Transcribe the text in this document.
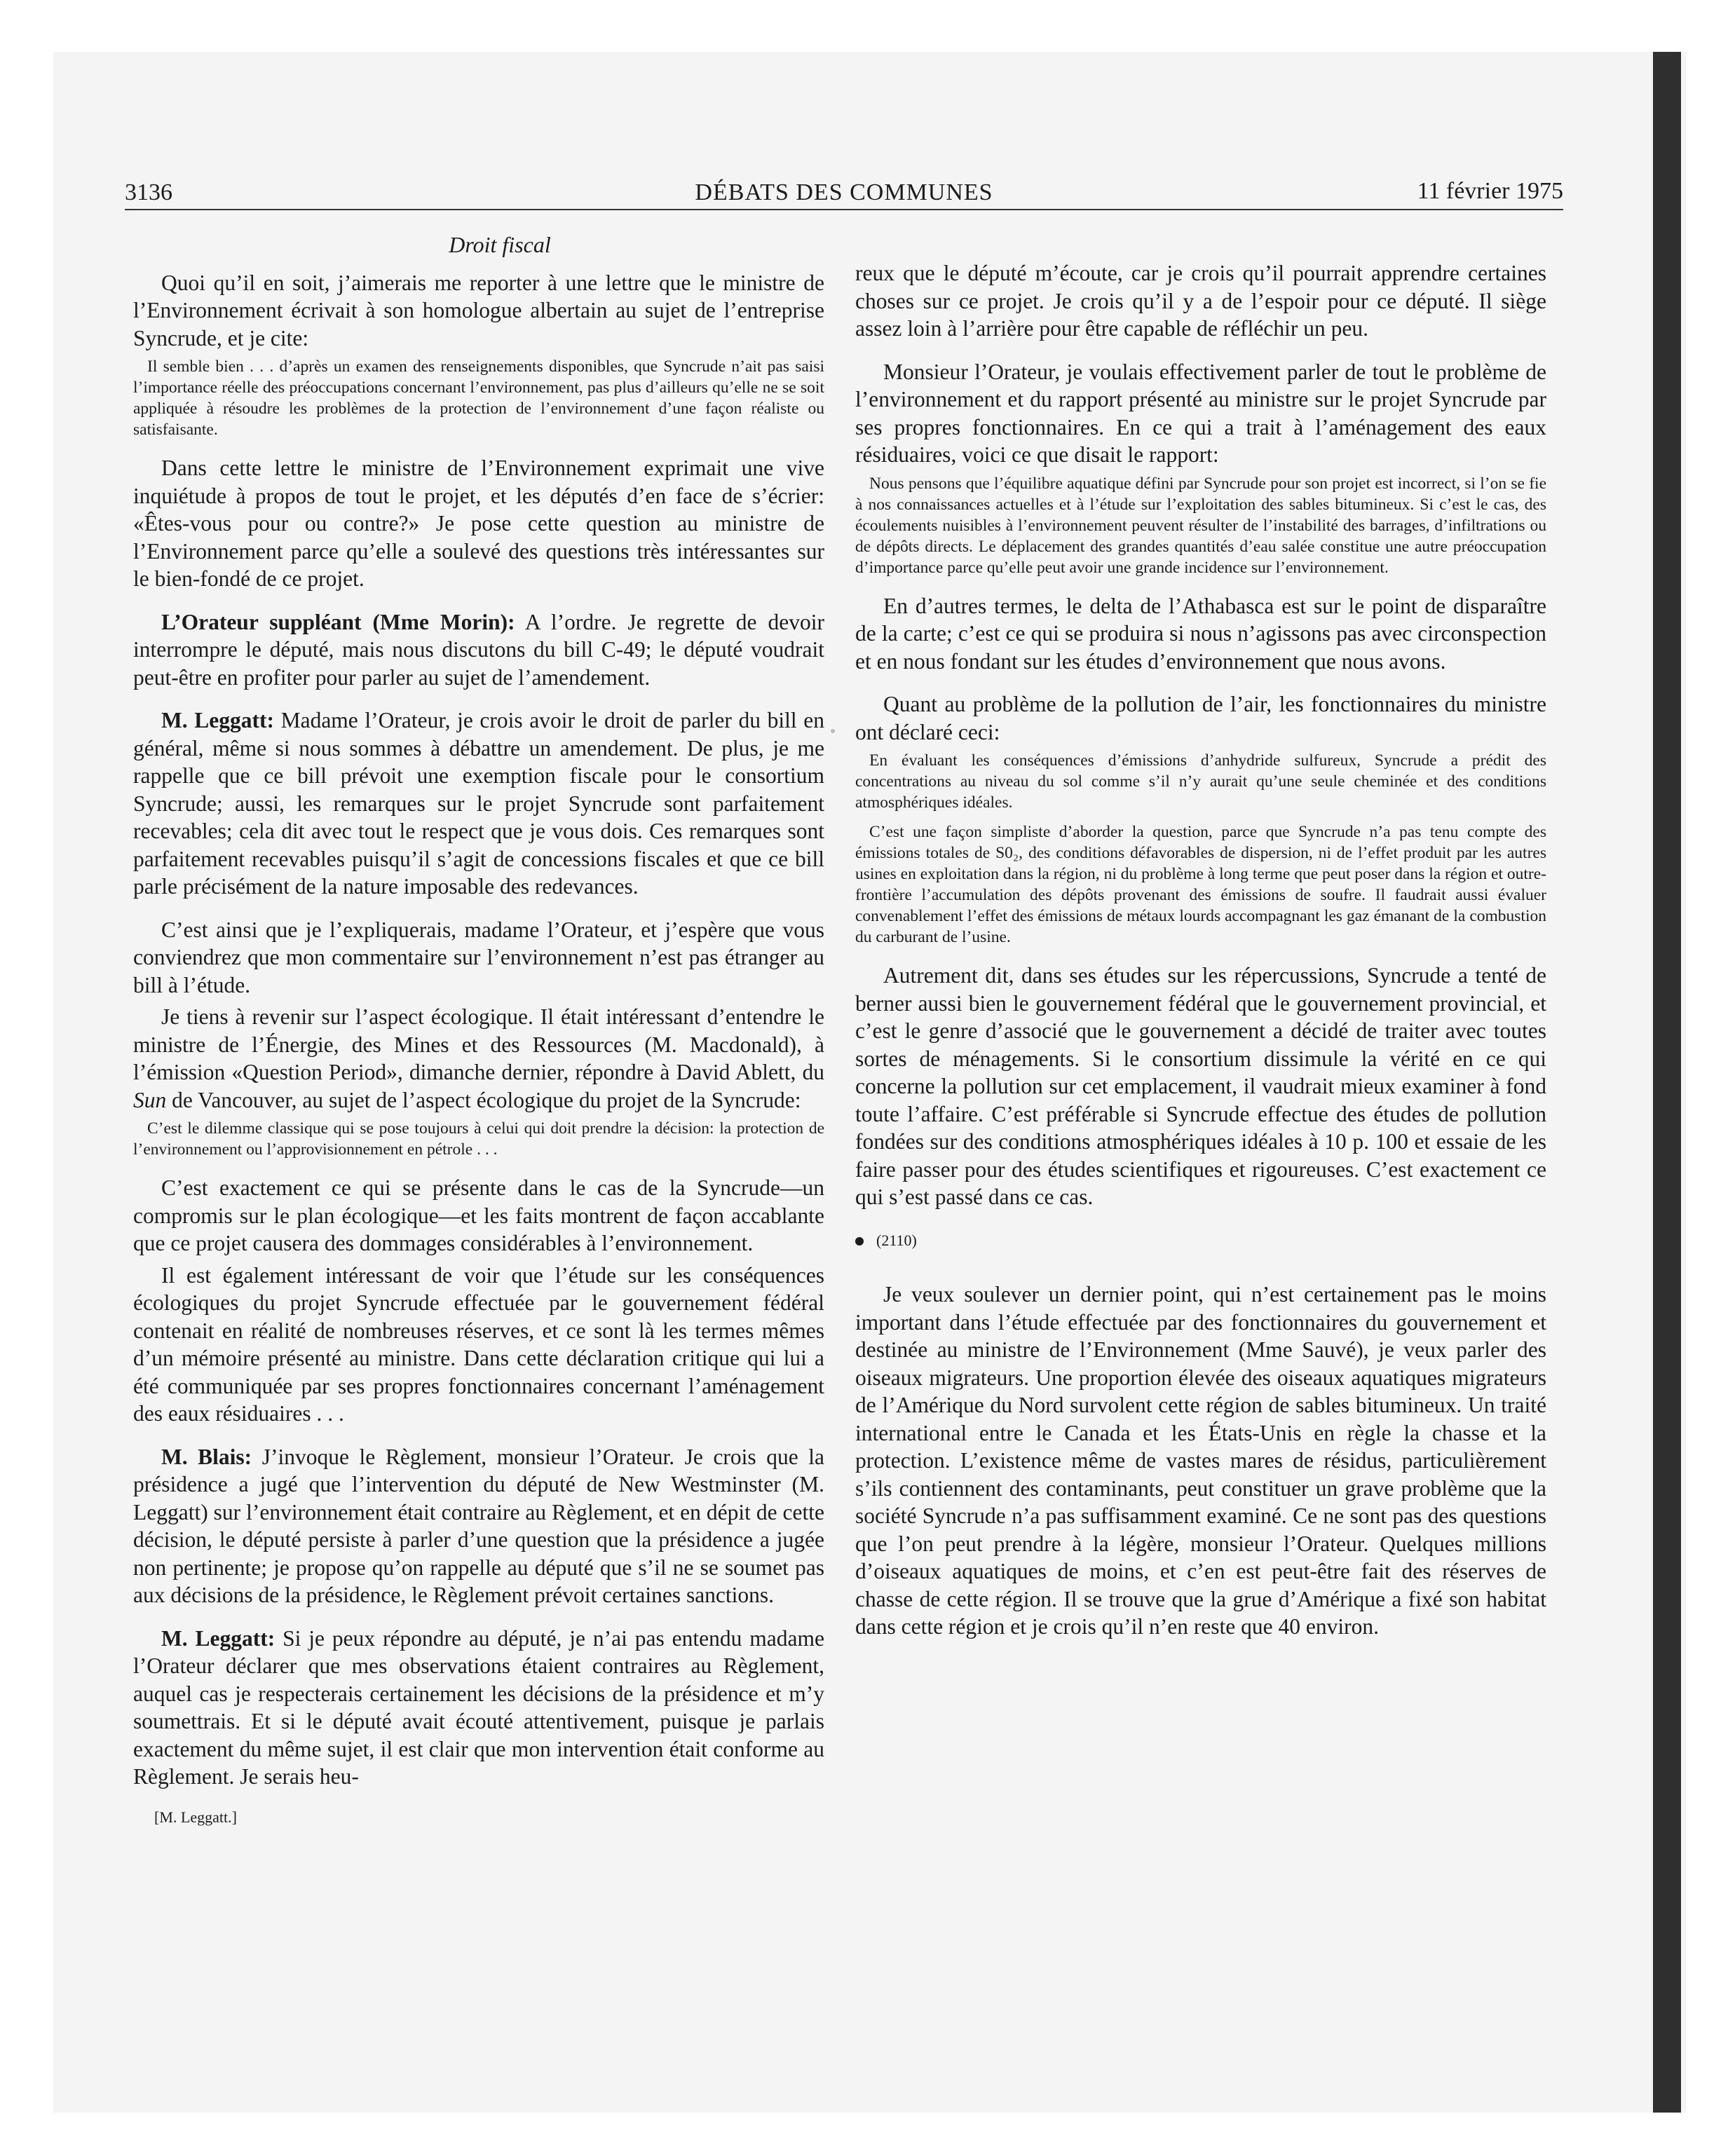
3136	DÉBATS DES COMMUNES	11 février 1975
Droit fiscal

Quoi qu’il en soit, j’aimerais me reporter à une lettre que le ministre de l’Environnement écrivait à son homologue albertain au sujet de l’entreprise Syncrude, et je cite:

Il semble bien . . . d’après un examen des renseignements disponibles, que Syncrude n’ait pas saisi l’importance réelle des préoccupations concernant l’environnement, pas plus d’ailleurs qu’elle ne se soit appliquée à résoudre les problèmes de la protection de l’environnement d’une façon réaliste ou satisfaisante.

Dans cette lettre le ministre de l’Environnement exprimait une vive inquiétude à propos de tout le projet, et les députés d’en face de s’écrier: «Êtes-vous pour ou contre?» Je pose cette question au ministre de l’Environnement parce qu’elle a soulevé des questions très intéressantes sur le bien-fondé de ce projet.

L’Orateur suppléant (Mme Morin): A l’ordre. Je regrette de devoir interrompre le député, mais nous discutons du bill C-49; le député voudrait peut-être en profiter pour parler au sujet de l’amendement.

M. Leggatt: Madame l’Orateur, je crois avoir le droit de parler du bill en général, même si nous sommes à débattre un amendement. De plus, je me rappelle que ce bill prévoit une exemption fiscale pour le consortium Syncrude; aussi, les remarques sur le projet Syncrude sont parfaitement recevables; cela dit avec tout le respect que je vous dois. Ces remarques sont parfaitement recevables puisqu’il s’agit de concessions fiscales et que ce bill parle précisément de la nature imposable des redevances.

C’est ainsi que je l’expliquerais, madame l’Orateur, et j’espère que vous conviendrez que mon commentaire sur l’environnement n’est pas étranger au bill à l’étude.

Je tiens à revenir sur l’aspect écologique. Il était intéressant d’entendre le ministre de l’Énergie, des Mines et des Ressources (M. Macdonald), à l’émission «Question Period», dimanche dernier, répondre à David Ablett, du Sun de Vancouver, au sujet de l’aspect écologique du projet de la Syncrude:

C’est le dilemme classique qui se pose toujours à celui qui doit prendre la décision: la protection de l’environnement ou l’approvisionnement en pétrole . . .

C’est exactement ce qui se présente dans le cas de la Syncrude—un compromis sur le plan écologique—et les faits montrent de façon accablante que ce projet causera des dommages considérables à l’environnement.

Il est également intéressant de voir que l’étude sur les conséquences écologiques du projet Syncrude effectuée par le gouvernement fédéral contenait en réalité de nombreuses réserves, et ce sont là les termes mêmes d’un mémoire présenté au ministre. Dans cette déclaration critique qui lui a été communiquée par ses propres fonctionnaires concernant l’aménagement des eaux résiduaires . . .

M. Blais: J’invoque le Règlement, monsieur l’Orateur. Je crois que la présidence a jugé que l’intervention du député de New Westminster (M. Leggatt) sur l’environnement était contraire au Règlement, et en dépit de cette décision, le député persiste à parler d’une question que la présidence a jugée non pertinente; je propose qu’on rappelle au député que s’il ne se soumet pas aux décisions de la présidence, le Règlement prévoit certaines sanctions.

M. Leggatt: Si je peux répondre au député, je n’ai pas entendu madame l’Orateur déclarer que mes observations étaient contraires au Règlement, auquel cas je respecterais certainement les décisions de la présidence et m’y soumettrais. Et si le député avait écouté attentivement, puisque je parlais exactement du même sujet, il est clair que mon intervention était conforme au Règlement. Je serais heu-

[M. Leggatt.]

reux que le député m’écoute, car je crois qu’il pourrait apprendre certaines choses sur ce projet. Je crois qu’il y a de l’espoir pour ce député. Il siège assez loin à l’arrière pour être capable de réfléchir un peu.

Monsieur l’Orateur, je voulais effectivement parler de tout le problème de l’environnement et du rapport présenté au ministre sur le projet Syncrude par ses propres fonctionnaires. En ce qui a trait à l’aménagement des eaux résiduaires, voici ce que disait le rapport:

Nous pensons que l’équilibre aquatique défini par Syncrude pour son projet est incorrect, si l’on se fie à nos connaissances actuelles et à l’étude sur l’exploitation des sables bitumineux. Si c’est le cas, des écoulements nuisibles à l’environnement peuvent résulter de l’instabilité des barrages, d’infiltrations ou de dépôts directs. Le déplacement des grandes quantités d’eau salée constitue une autre préoccupation d’importance parce qu’elle peut avoir une grande incidence sur l’environnement.

En d’autres termes, le delta de l’Athabasca est sur le point de disparaître de la carte; c’est ce qui se produira si nous n’agissons pas avec circonspection et en nous fondant sur les études d’environnement que nous avons.

Quant au problème de la pollution de l’air, les fonctionnaires du ministre ont déclaré ceci:

En évaluant les conséquences d’émissions d’anhydride sulfureux, Syncrude a prédit des concentrations au niveau du sol comme s’il n’y aurait qu’une seule cheminée et des conditions atmosphériques idéales.
C’est une façon simpliste d’aborder la question, parce que Syncrude n’a pas tenu compte des émissions totales de S0₂, des conditions défavorables de dispersion, ni de l’effet produit par les autres usines en exploitation dans la région, ni du problème à long terme que peut poser dans la région et outre-frontière l’accumulation des dépôts provenant des émissions de soufre. Il faudrait aussi évaluer convenablement l’effet des émissions de métaux lourds accompagnant les gaz émanant de la combustion du carburant de l’usine.

Autrement dit, dans ses études sur les répercussions, Syncrude a tenté de berner aussi bien le gouvernement fédéral que le gouvernement provincial, et c’est le genre d’associé que le gouvernement a décidé de traiter avec toutes sortes de ménagements. Si le consortium dissimule la vérité en ce qui concerne la pollution sur cet emplacement, il vaudrait mieux examiner à fond toute l’affaire. C’est préférable si Syncrude effectue des études de pollution fondées sur des conditions atmosphériques idéales à 10 p. 100 et essaie de les faire passer pour des études scientifiques et rigoureuses. C’est exactement ce qui s’est passé dans ce cas.

(2110)

Je veux soulever un dernier point, qui n’est certainement pas le moins important dans l’étude effectuée par des fonctionnaires du gouvernement et destinée au ministre de l’Environnement (Mme Sauvé), je veux parler des oiseaux migrateurs. Une proportion élevée des oiseaux aquatiques migrateurs de l’Amérique du Nord survolent cette région de sables bitumineux. Un traité international entre le Canada et les États-Unis en règle la chasse et la protection. L’existence même de vastes mares de résidus, particulièrement s’ils contiennent des contaminants, peut constituer un grave problème que la société Syncrude n’a pas suffisamment examiné. Ce ne sont pas des questions que l’on peut prendre à la légère, monsieur l’Orateur. Quelques millions d’oiseaux aquatiques de moins, et c’en est peut-être fait des réserves de chasse de cette région. Il se trouve que la grue d’Amérique a fixé son habitat dans cette région et je crois qu’il n’en reste que 40 environ.
